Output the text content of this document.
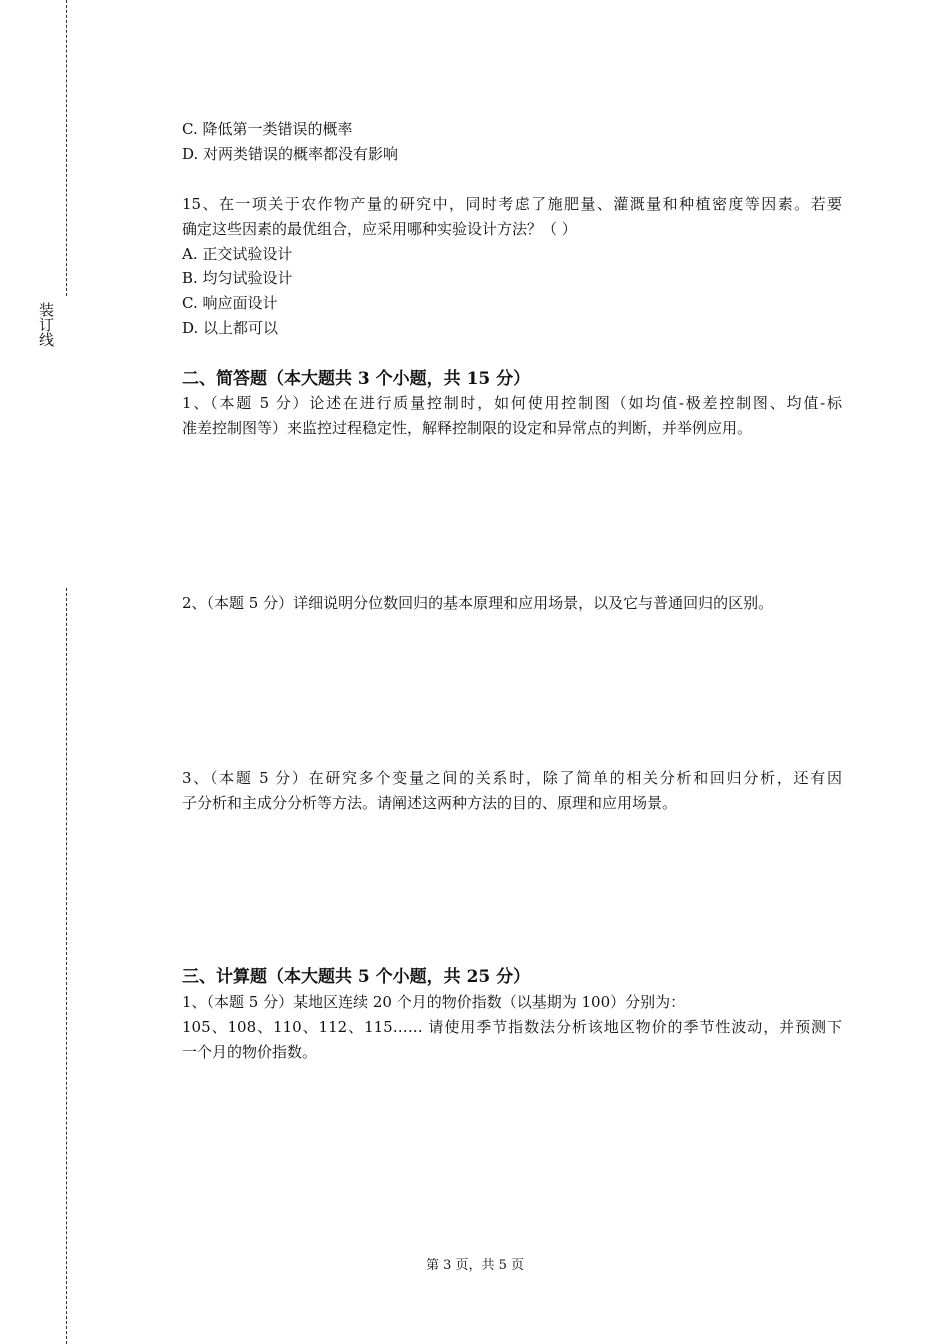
装订线
C. 降低第一类错误的概率
D. 对两类错误的概率都没有影响
15、在一项关于农作物产量的研究中，同时考虑了施肥量、灌溉量和种植密度等因素。若要
确定这些因素的最优组合，应采用哪种实验设计方法？（ ）
A. 正交试验设计
B. 均匀试验设计
C. 响应面设计
D. 以上都可以
二、简答题（本大题共 3 个小题，共 15 分）
1、（本题 5 分）论述在进行质量控制时，如何使用控制图（如均值-极差控制图、均值-标
准差控制图等）来监控过程稳定性，解释控制限的设定和异常点的判断，并举例应用。
2、（本题 5 分）详细说明分位数回归的基本原理和应用场景，以及它与普通回归的区别。
3、（本题 5 分）在研究多个变量之间的关系时，除了简单的相关分析和回归分析，还有因
子分析和主成分分析等方法。请阐述这两种方法的目的、原理和应用场景。
三、计算题（本大题共 5 个小题，共 25 分）
1、（本题 5 分）某地区连续 20 个月的物价指数（以基期为 100）分别为：
105、108、110、112、115…… 请使用季节指数法分析该地区物价的季节性波动，并预测下
一个月的物价指数。
第 3 页，共 5 页
